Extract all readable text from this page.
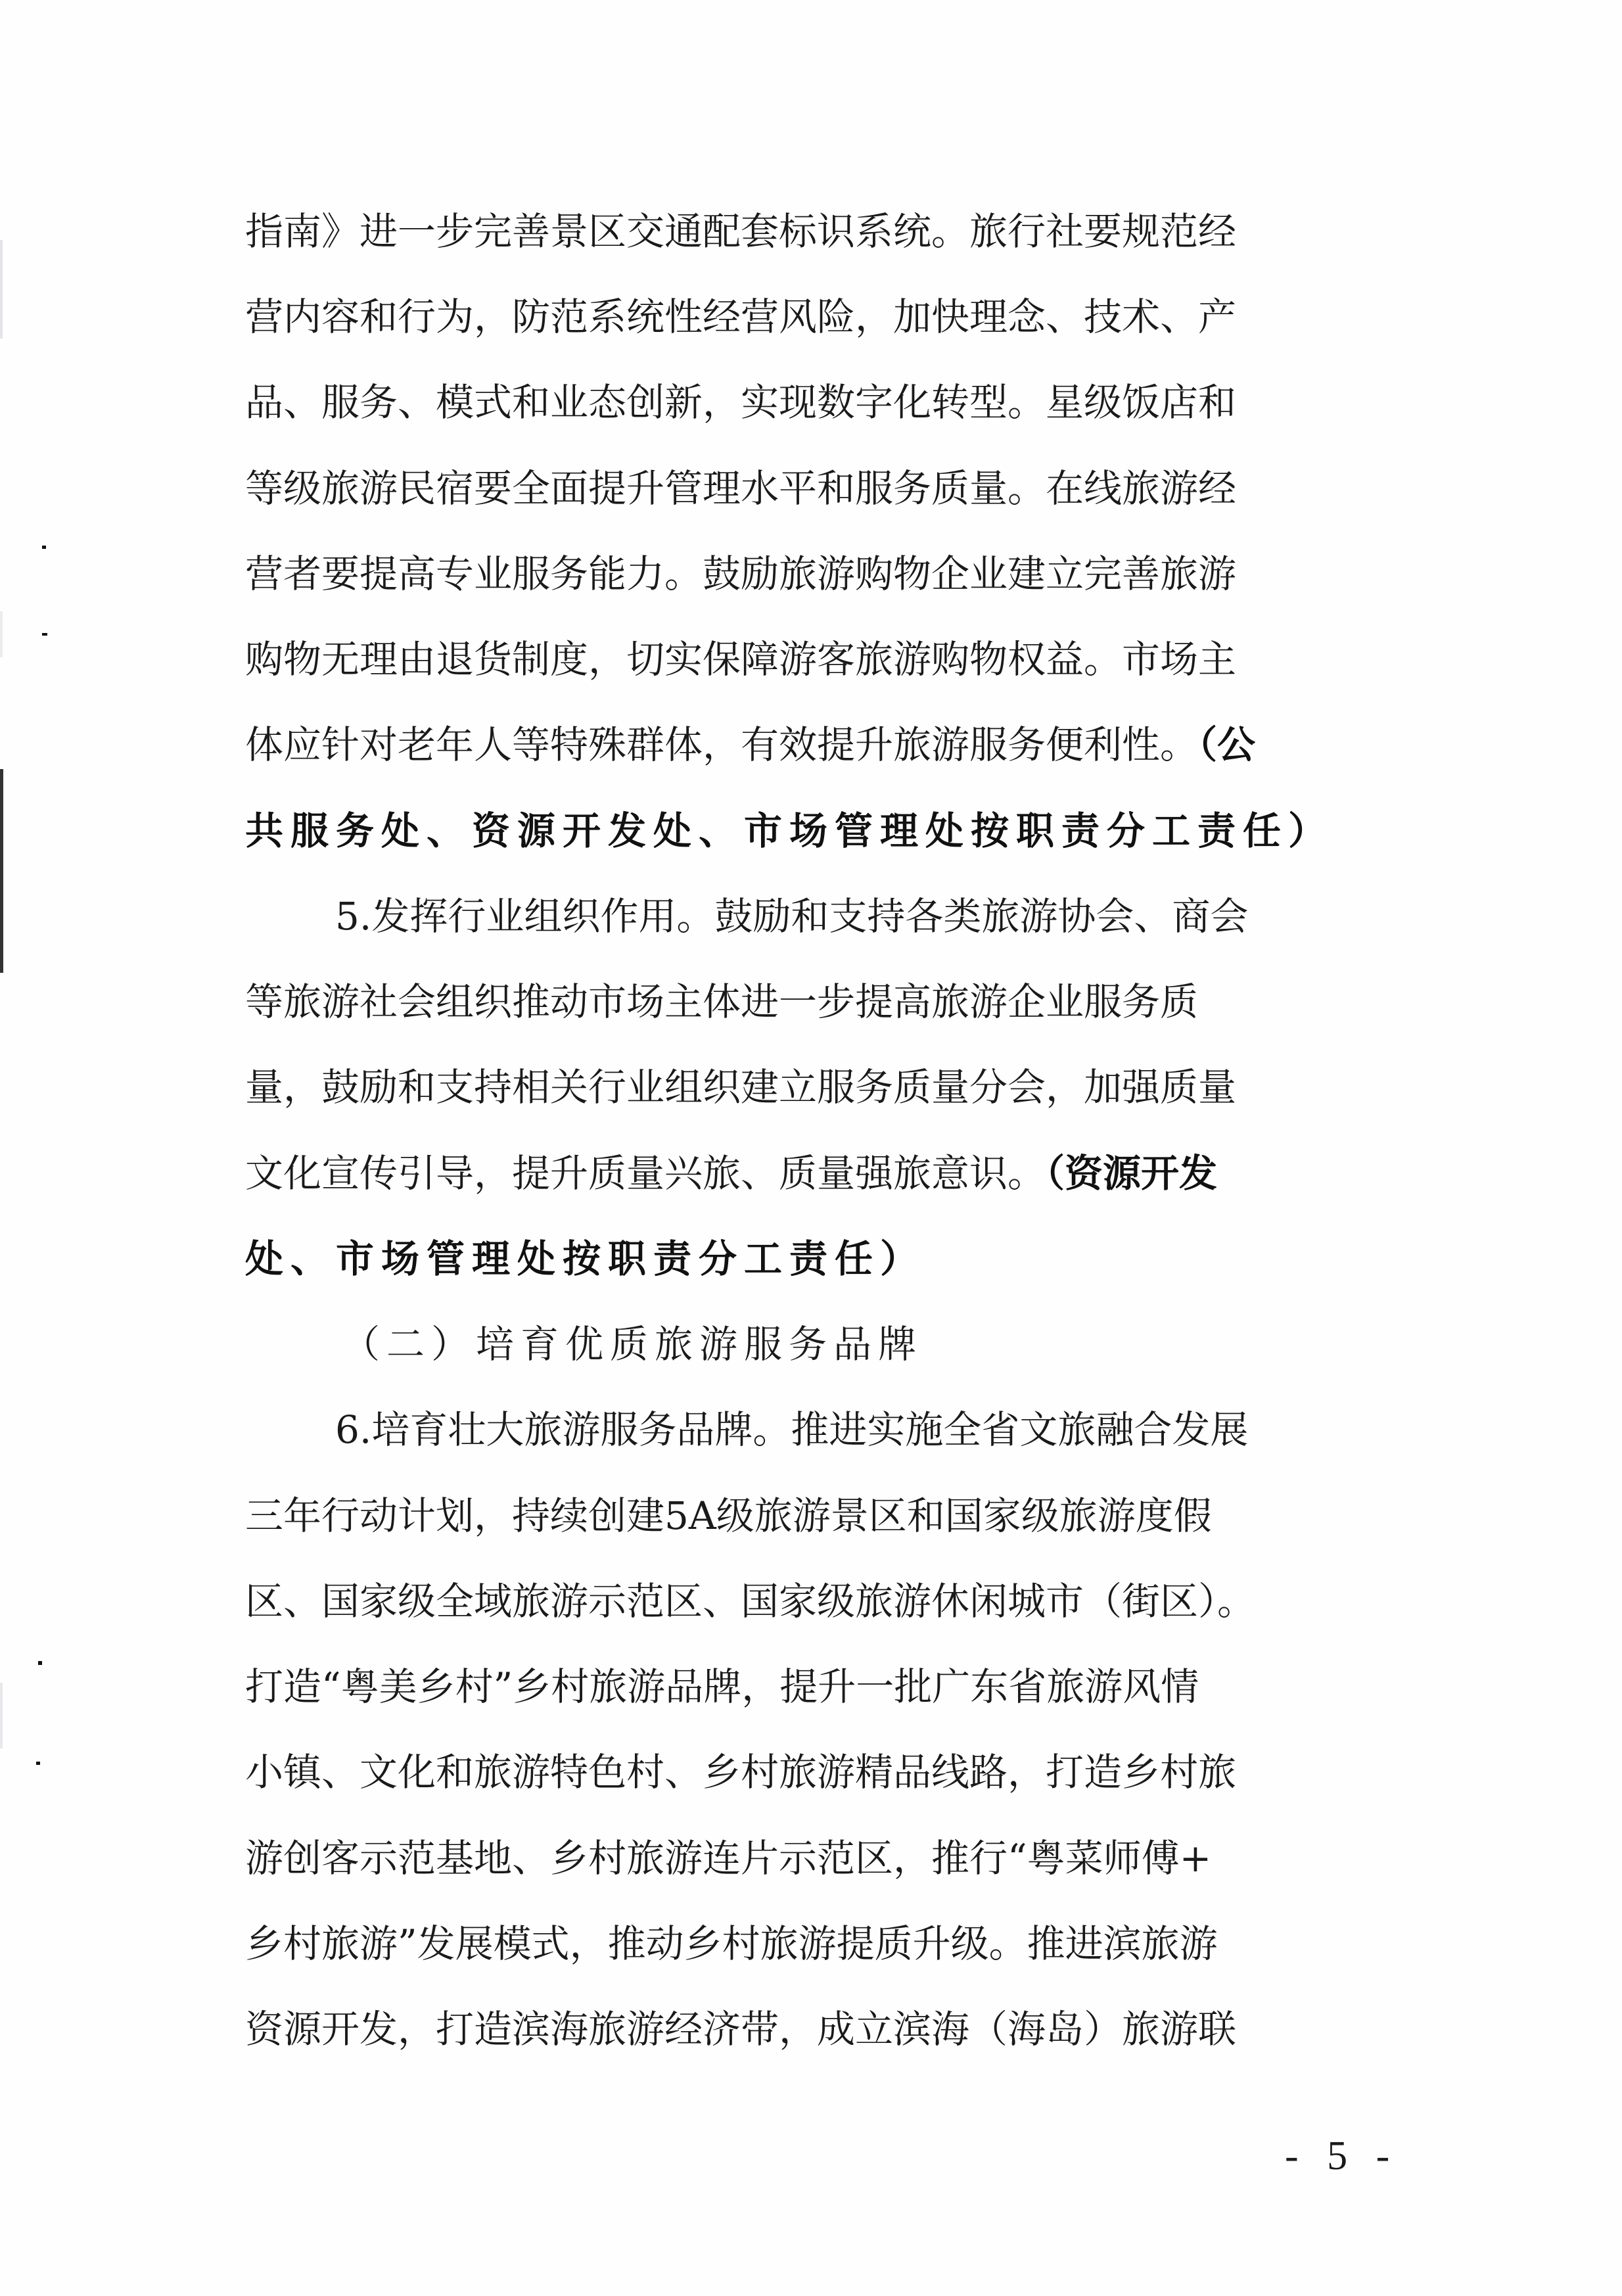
指南》进一步完善景区交通配套标识系统。旅行社要规范经
营内容和行为，防范系统性经营风险，加快理念、技术、产
品、服务、模式和业态创新，实现数字化转型。星级饭店和
等级旅游民宿要全面提升管理水平和服务质量。在线旅游经
营者要提高专业服务能力。鼓励旅游购物企业建立完善旅游
购物无理由退货制度，切实保障游客旅游购物权益。市场主
体应针对老年人等特殊群体，有效提升旅游服务便利性。（公
共服务处、资源开发处、市场管理处按职责分工责任）
5.发挥行业组织作用。鼓励和支持各类旅游协会、商会
等旅游社会组织推动市场主体进一步提高旅游企业服务质
量，鼓励和支持相关行业组织建立服务质量分会，加强质量
文化宣传引导，提升质量兴旅、质量强旅意识。（资源开发
处、市场管理处按职责分工责任）
（二）培育优质旅游服务品牌
6.培育壮大旅游服务品牌。推进实施全省文旅融合发展
三年行动计划，持续创建5A级旅游景区和国家级旅游度假
区、国家级全域旅游示范区、国家级旅游休闲城市（街区）。
打造“粤美乡村”乡村旅游品牌，提升一批广东省旅游风情
小镇、文化和旅游特色村、乡村旅游精品线路，打造乡村旅
游创客示范基地、乡村旅游连片示范区，推行“粤菜师傅+
乡村旅游”发展模式，推动乡村旅游提质升级。推进滨旅游
资源开发，打造滨海旅游经济带，成立滨海（海岛）旅游联
- 5 -
